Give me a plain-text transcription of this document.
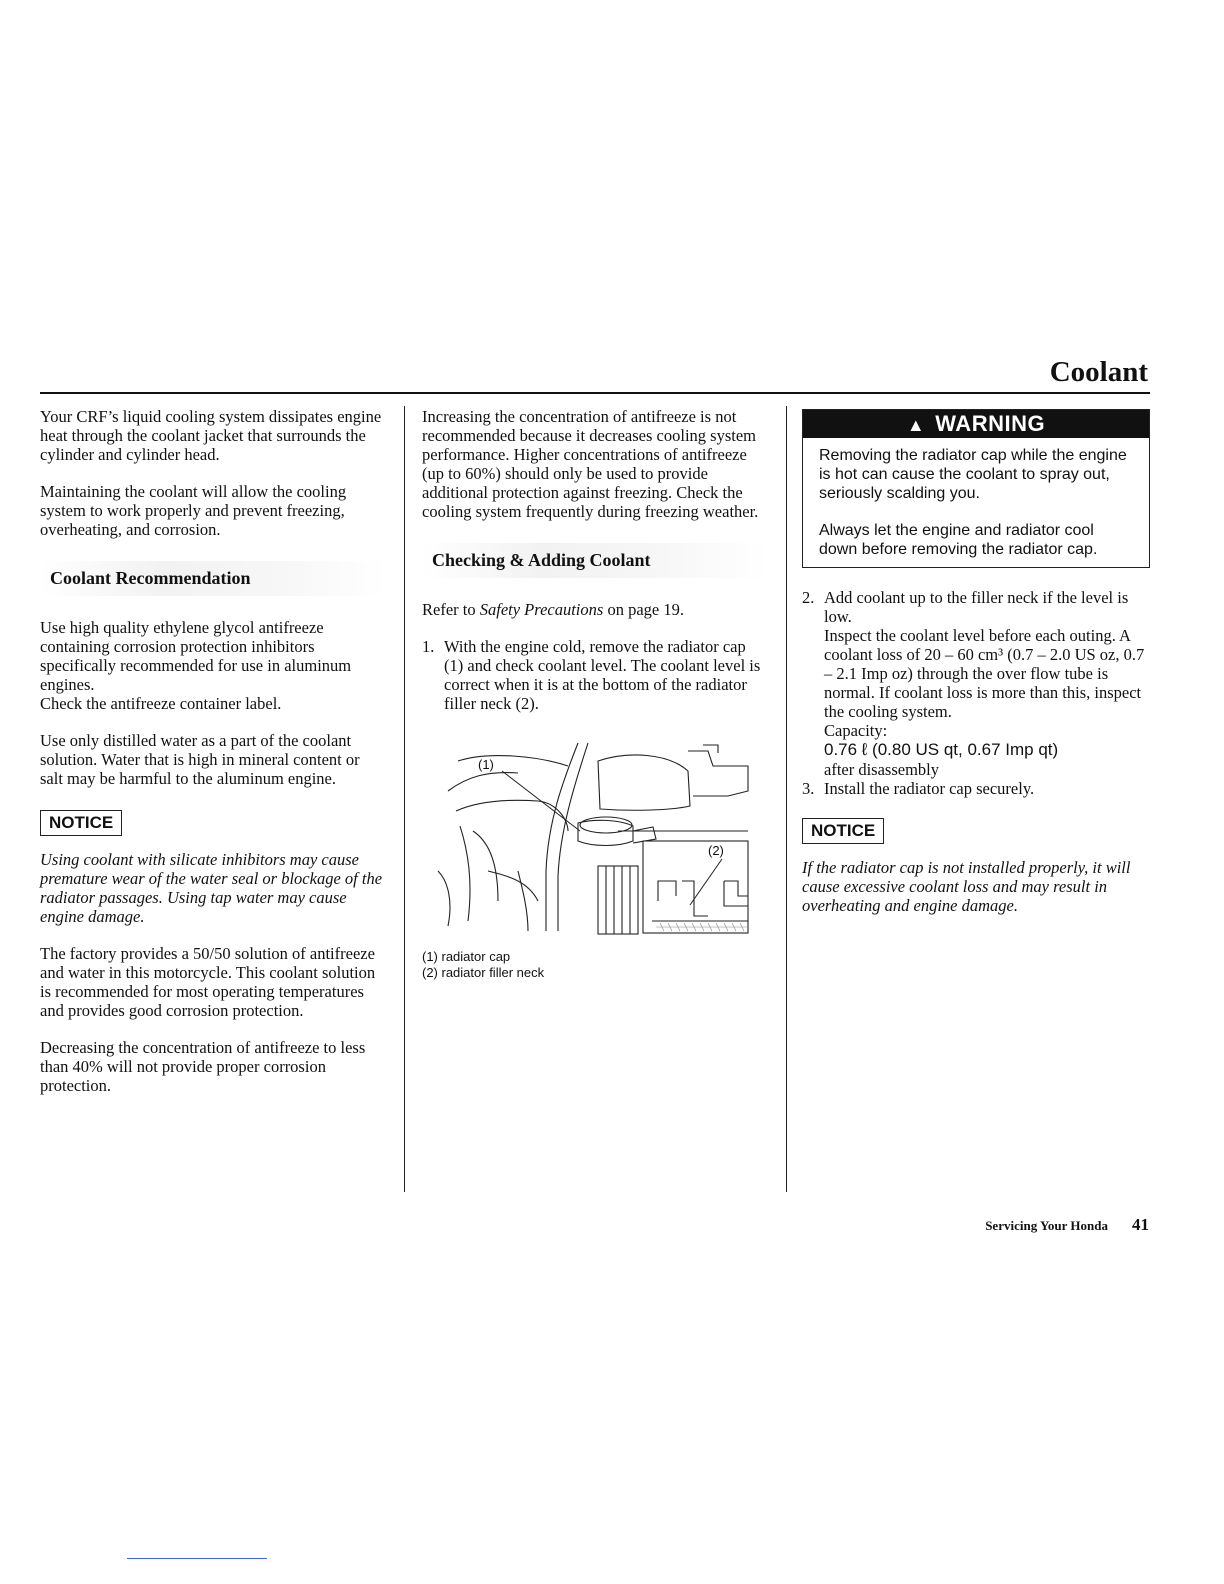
Coolant

Your CRF’s liquid cooling system dissipates engine heat through the coolant jacket that surrounds the cylinder and cylinder head.

Maintaining the coolant will allow the cooling system to work properly and prevent freezing, overheating, and corrosion.

Coolant Recommendation

Use high quality ethylene glycol antifreeze containing corrosion protection inhibitors specifically recommended for use in aluminum engines.

Check the antifreeze container label.

Use only distilled water as a part of the coolant solution. Water that is high in mineral content or salt may be harmful to the aluminum engine.

NOTICE

Using coolant with silicate inhibitors may cause premature wear of the water seal or blockage of the radiator passages. Using tap water may cause engine damage.

The factory provides a 50/50 solution of antifreeze and water in this motorcycle. This coolant solution is recommended for most operating temperatures and provides good corrosion protection.

Decreasing the concentration of antifreeze to less than 40% will not provide proper corrosion protection.

Increasing the concentration of antifreeze is not recommended because it decreases cooling system performance. Higher concentrations of antifreeze (up to 60%) should only be used to provide additional protection against freezing. Check the cooling system frequently during freezing weather.

Checking & Adding Coolant

Refer to Safety Precautions on page 19.

1. With the engine cold, remove the radiator cap (1) and check coolant level. The coolant level is correct when it is at the bottom of the radiator filler neck (2).
(1)
(2)
(1) radiator cap
(2) radiator filler neck
▲ WARNING

Removing the radiator cap while the engine is hot can cause the coolant to spray out, seriously scalding you.

Always let the engine and radiator cool down before removing the radiator cap.

2. Add coolant up to the filler neck if the level is low.
Inspect the coolant level before each outing. A coolant loss of 20 – 60 cm³ (0.7 – 2.0 US oz, 0.7 – 2.1 Imp oz) through the over flow tube is normal. If coolant loss is more than this, inspect the cooling system.
Capacity:
0.76 ℓ (0.80 US qt, 0.67 Imp qt)
after disassembly
3. Install the radiator cap securely.
NOTICE

If the radiator cap is not installed properly, it will cause excessive coolant loss and may result in overheating and engine damage.

Servicing Your Honda 41
